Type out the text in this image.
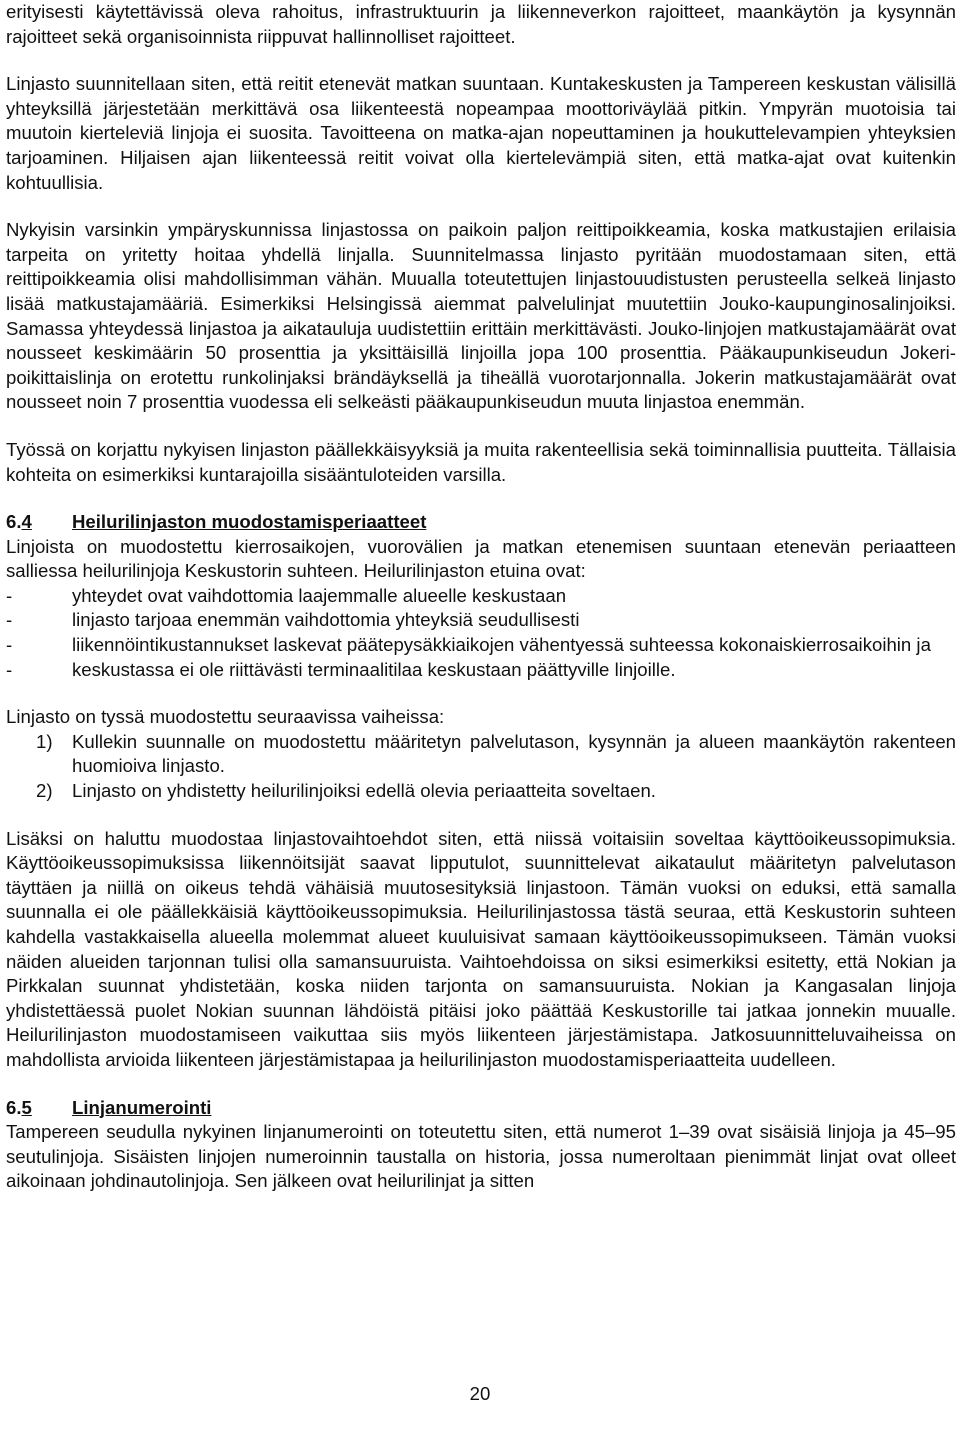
erityisesti käytettävissä oleva rahoitus, infrastruktuurin ja liikenneverkon rajoitteet, maankäytön ja kysynnän rajoitteet sekä organisoinnista riippuvat hallinnolliset rajoitteet.

Linjasto suunnitellaan siten, että reitit etenevät matkan suuntaan. Kuntakeskusten ja Tampereen keskustan välisillä yhteyksillä järjestetään merkittävä osa liikenteestä nopeampaa moottoriväylää pitkin. Ympyrän muotoisia tai muutoin kierteleviä linjoja ei suosita. Tavoitteena on matka-ajan nopeuttaminen ja houkuttelevampien yhteyksien tarjoaminen. Hiljaisen ajan liikenteessä reitit voivat olla kiertelevämpiä siten, että matka-ajat ovat kuitenkin kohtuullisia.

Nykyisin varsinkin ympäryskunnissa linjastossa on paikoin paljon reittipoikkeamia, koska matkustajien erilaisia tarpeita on yritetty hoitaa yhdellä linjalla. Suunnitelmassa linjasto pyritään muodostamaan siten, että reittipoikkeamia olisi mahdollisimman vähän. Muualla toteutettujen linjastouudistusten perusteella selkeä linjasto lisää matkustajamääriä. Esimerkiksi Helsingissä aiemmat palvelulinjat muutettiin Jouko-kaupunginosalinjoiksi. Samassa yhteydessä linjastoa ja aikatauluja uudistettiin erittäin merkittävästi. Jouko-linjojen matkustajamäärät ovat nousseet keskimäärin 50 prosenttia ja yksittäisillä linjoilla jopa 100 prosenttia. Pääkaupunkiseudun Jokeri-poikittaislinja on erotettu runkolinjaksi brändäyksellä ja tiheällä vuorotarjonnalla. Jokerin matkustajamäärät ovat nousseet noin 7 prosenttia vuodessa eli selkeästi pääkaupunkiseudun muuta linjastoa enemmän.

Työssä on korjattu nykyisen linjaston päällekkäisyyksiä ja muita rakenteellisia sekä toiminnallisia puutteita. Tällaisia kohteita on esimerkiksi kuntarajoilla sisääntuloteiden varsilla.

6.4	Heilurilinjaston muodostamisperiaatteet

Linjoista on muodostettu kierrosaikojen, vuorovälien ja matkan etenemisen suuntaan etenevän periaatteen salliessa heilurilinjoja Keskustorin suhteen. Heilurilinjaston etuina ovat:

-	yhteydet ovat vaihdottomia laajemmalle alueelle keskustaan
-	linjasto tarjoaa enemmän vaihdottomia yhteyksiä seudullisesti
-	liikennöintikustannukset laskevat päätepysäkkiaikojen vähentyessä suhteessa kokonaiskierrosaikoihin ja
-	keskustassa ei ole riittävästi terminaalitilaa keskustaan päättyville linjoille.

Linjasto on tyssä muodostettu seuraavissa vaiheissa:

1)	Kullekin suunnalle on muodostettu määritetyn palvelutason, kysynnän ja alueen maankäytön rakenteen huomioiva linjasto.
2)	Linjasto on yhdistetty heilurilinjoiksi edellä olevia periaatteita soveltaen.

Lisäksi on haluttu muodostaa linjastovaihtoehdot siten, että niissä voitaisiin soveltaa käyttöoikeussopimuksia. Käyttöoikeussopimuksissa liikennöitsijät saavat lipputulot, suunnittelevat aikataulut määritetyn palvelutason täyttäen ja niillä on oikeus tehdä vähäisiä muutosesityksiä linjastoon. Tämän vuoksi on eduksi, että samalla suunnalla ei ole päällekkäisiä käyttöoikeussopimuksia. Heilurilinjastossa tästä seuraa, että Keskustorin suhteen kahdella vastakkaisella alueella molemmat alueet kuuluisivat samaan käyttöoikeussopimukseen. Tämän vuoksi näiden alueiden tarjonnan tulisi olla samansuuruista. Vaihtoehdoissa on siksi esimerkiksi esitetty, että Nokian ja Pirkkalan suunnat yhdistetään, koska niiden tarjonta on samansuuruista. Nokian ja Kangasalan linjoja yhdistettäessä puolet Nokian suunnan lähdöistä pitäisi joko päättää Keskustorille tai jatkaa jonnekin muualle. Heilurilinjaston muodostamiseen vaikuttaa siis myös liikenteen järjestämistapa. Jatkosuunnitteluvaiheissa on mahdollista arvioida liikenteen järjestämistapaa ja heilurilinjaston muodostamisperiaatteita uudelleen.

6.5	Linjanumerointi

Tampereen seudulla nykyinen linjanumerointi on toteutettu siten, että numerot 1–39 ovat sisäisiä linjoja ja 45–95 seutulinjoja. Sisäisten linjojen numeroinnin taustalla on historia, jossa numeroltaan pienimmät linjat ovat olleet aikoinaan johdinautolinjoja. Sen jälkeen ovat heilurilinjat ja sitten

20
